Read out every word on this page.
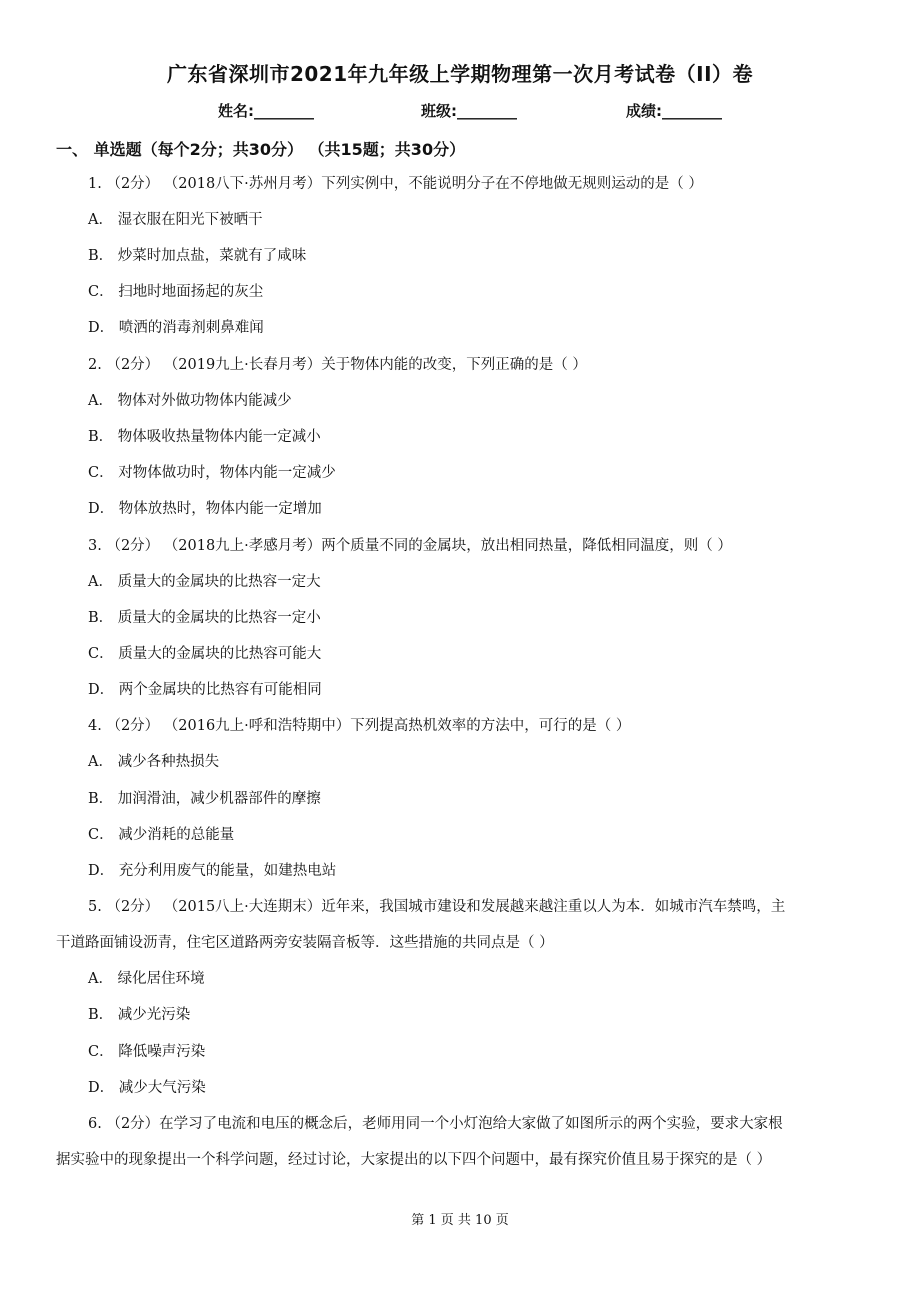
广东省深圳市2021年九年级上学期物理第一次月考试卷（II）卷
姓名:________	班级:________	成绩:________
一、 单选题（每个2分；共30分） （共15题；共30分）
1. （2分） （2018八下·苏州月考）下列实例中，不能说明分子在不停地做无规则运动的是（ ）
A． 湿衣服在阳光下被晒干
B． 炒菜时加点盐，菜就有了咸味
C． 扫地时地面扬起的灰尘
D． 喷洒的消毒剂刺鼻难闻
2. （2分） （2019九上·长春月考）关于物体内能的改变，下列正确的是（ ）
A． 物体对外做功物体内能减少
B． 物体吸收热量物体内能一定减小
C． 对物体做功时，物体内能一定减少
D． 物体放热时，物体内能一定增加
3. （2分） （2018九上·孝感月考）两个质量不同的金属块，放出相同热量，降低相同温度，则（ ）
A． 质量大的金属块的比热容一定大
B． 质量大的金属块的比热容一定小
C． 质量大的金属块的比热容可能大
D． 两个金属块的比热容有可能相同
4. （2分） （2016九上·呼和浩特期中）下列提高热机效率的方法中，可行的是（ ）
A． 减少各种热损失
B． 加润滑油，减少机器部件的摩擦
C． 减少消耗的总能量
D． 充分利用废气的能量，如建热电站
5. （2分） （2015八上·大连期末）近年来，我国城市建设和发展越来越注重以人为本．如城市汽车禁鸣，主
干道路面铺设沥青，住宅区道路两旁安装隔音板等．这些措施的共同点是（ ）
A． 绿化居住环境
B． 减少光污染
C． 降低噪声污染
D． 减少大气污染
6. （2分）在学习了电流和电压的概念后，老师用同一个小灯泡给大家做了如图所示的两个实验，要求大家根
据实验中的现象提出一个科学问题，经过讨论，大家提出的以下四个问题中，最有探究价值且易于探究的是（ ）
第 1 页 共 10 页
